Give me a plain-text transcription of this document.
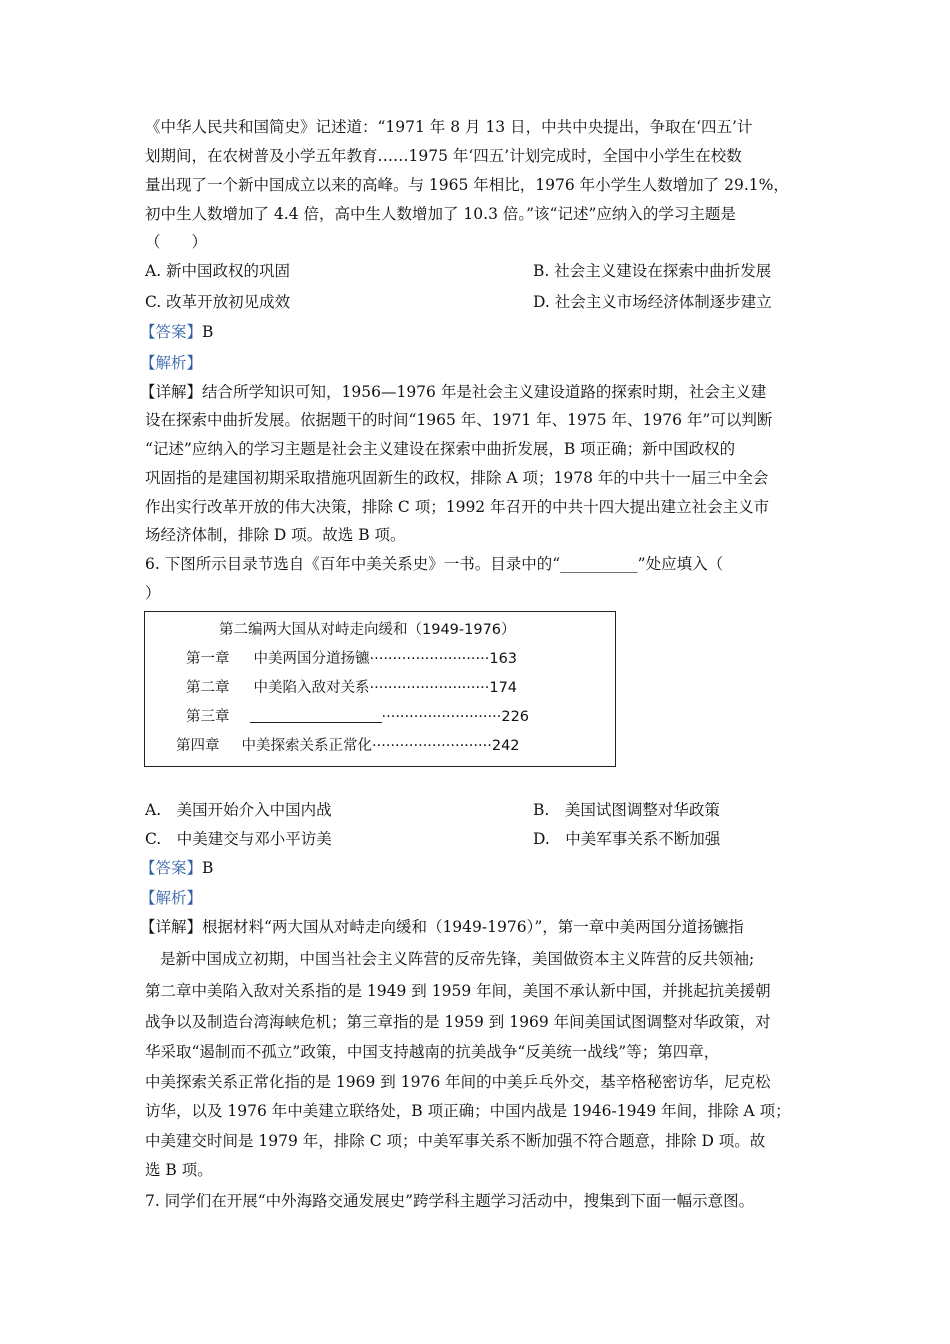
《中华人民共和国简史》记述道：“1971 年 8 月 13 日，中共中央提出，争取在‘四五’计
划期间，在农树普及小学五年教育……1975 年‘四五’计划完成时，全国中小学生在校数
量出现了一个新中国成立以来的高峰。与 1965 年相比，1976 年小学生人数增加了 29.1%，
初中生人数增加了 4.4 倍，高中生人数增加了 10.3 倍。”该“记述”应纳入的学习主题是
（　　）
A. 新中国政权的巩固	B. 社会主义建设在探索中曲折发展
C. 改革开放初见成效	D. 社会主义市场经济体制逐步建立
【答案】B
【解析】
【详解】结合所学知识可知，1956—1976 年是社会主义建设道路的探索时期，社会主义建
设在探索中曲折发展。依据题干的时间“1965 年、1971 年、1975 年、1976 年”可以判断
“记述”应纳入的学习主题是社会主义建设在探索中曲折发展，B 项正确；新中国政权的
巩固指的是建国初期采取措施巩固新生的政权，排除 A 项；1978 年的中共十一届三中全会
作出实行改革开放的伟大决策，排除 C 项；1992 年召开的中共十四大提出建立社会主义市
场经济体制，排除 D 项。故选 B 项。
6. 下图所示目录节选自《百年中美关系史》一书。目录中的“__________”处应填入（
）
第二编两大国从对峙走向缓和（1949-1976）
第一章 中美两国分道扬镳··························163
第二章 中美陷入敌对关系··························174
第三章	··························226
第四章 中美探索关系正常化··························242
A.　美国开始介入中国内战	B.　美国试图调整对华政策
C.　中美建交与邓小平访美	D.　中美军事关系不断加强
【答案】B
【解析】
【详解】根据材料“两大国从对峙走向缓和（1949-1976）”，第一章中美两国分道扬镳指
是新中国成立初期，中国当社会主义阵营的反帝先锋，美国做资本主义阵营的反共领袖;
第二章中美陷入敌对关系指的是 1949 到 1959 年间，美国不承认新中国，并挑起抗美援朝
战争以及制造台湾海峡危机；第三章指的是 1959 到 1969 年间美国试图调整对华政策，对
华采取“遏制而不孤立”政策，中国支持越南的抗美战争“反美统一战线”等；第四章，
中美探索关系正常化指的是 1969 到 1976 年间的中美乒乓外交，基辛格秘密访华，尼克松
访华，以及 1976 年中美建立联络处，B 项正确；中国内战是 1946-1949 年间，排除 A 项；
中美建交时间是 1979 年，排除 C 项；中美军事关系不断加强不符合题意，排除 D 项。故
选 B 项。
7. 同学们在开展“中外海路交通发展史”跨学科主题学习活动中，搜集到下面一幅示意图。
